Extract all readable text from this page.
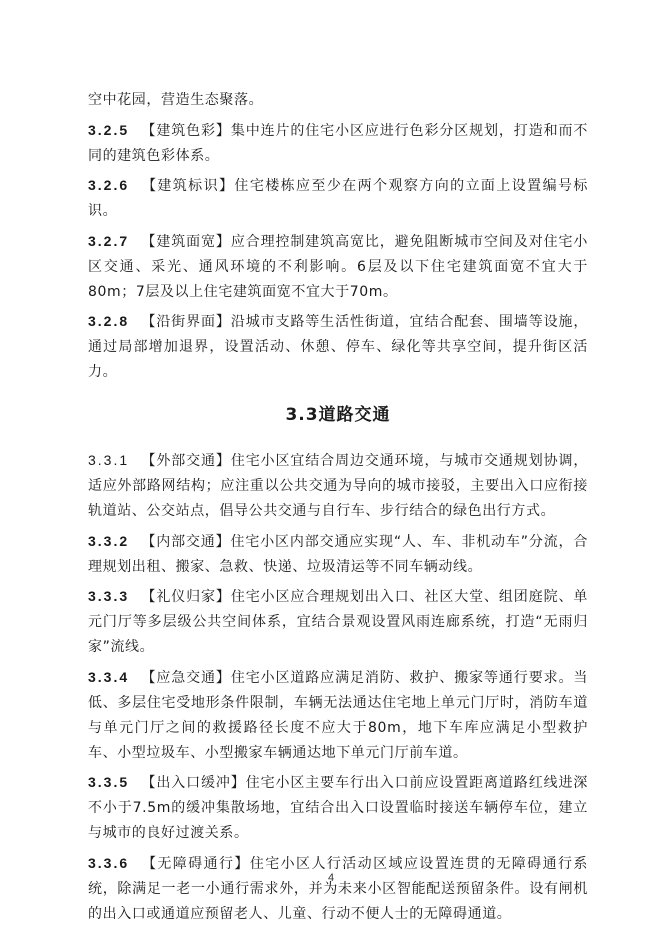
空中花园，营造生态聚落。

3.2.5 【建筑色彩】集中连片的住宅小区应进行色彩分区规划，打造和而不同的建筑色彩体系。

3.2.6 【建筑标识】住宅楼栋应至少在两个观察方向的立面上设置编号标识。

3.2.7 【建筑面宽】应合理控制建筑高宽比，避免阻断城市空间及对住宅小区交通、采光、通风环境的不利影响。6层及以下住宅建筑面宽不宜大于80m；7层及以上住宅建筑面宽不宜大于70m。

3.2.8 【沿街界面】沿城市支路等生活性街道，宜结合配套、围墙等设施，通过局部增加退界，设置活动、休憩、停车、绿化等共享空间，提升街区活力。

3.3道路交通

3.3.1 【外部交通】住宅小区宜结合周边交通环境，与城市交通规划协调，适应外部路网结构；应注重以公共交通为导向的城市接驳，主要出入口应衔接轨道站、公交站点，倡导公共交通与自行车、步行结合的绿色出行方式。

3.3.2 【内部交通】住宅小区内部交通应实现“人、车、非机动车”分流，合理规划出租、搬家、急救、快递、垃圾清运等不同车辆动线。

3.3.3 【礼仪归家】住宅小区应合理规划出入口、社区大堂、组团庭院、单元门厅等多层级公共空间体系，宜结合景观设置风雨连廊系统，打造“无雨归家”流线。

3.3.4 【应急交通】住宅小区道路应满足消防、救护、搬家等通行要求。当低、多层住宅受地形条件限制，车辆无法通达住宅地上单元门厅时，消防车道与单元门厅之间的救援路径长度不应大于80m，地下车库应满足小型救护车、小型垃圾车、小型搬家车辆通达地下单元门厅前车道。

3.3.5 【出入口缓冲】住宅小区主要车行出入口前应设置距离道路红线进深不小于7.5m的缓冲集散场地，宜结合出入口设置临时接送车辆停车位，建立与城市的良好过渡关系。

3.3.6 【无障碍通行】住宅小区人行活动区域应设置连贯的无障碍通行系统，除满足一老一小通行需求外，并为未来小区智能配送预留条件。设有闸机的出入口或通道应预留老人、儿童、行动不便人士的无障碍通道。

4
